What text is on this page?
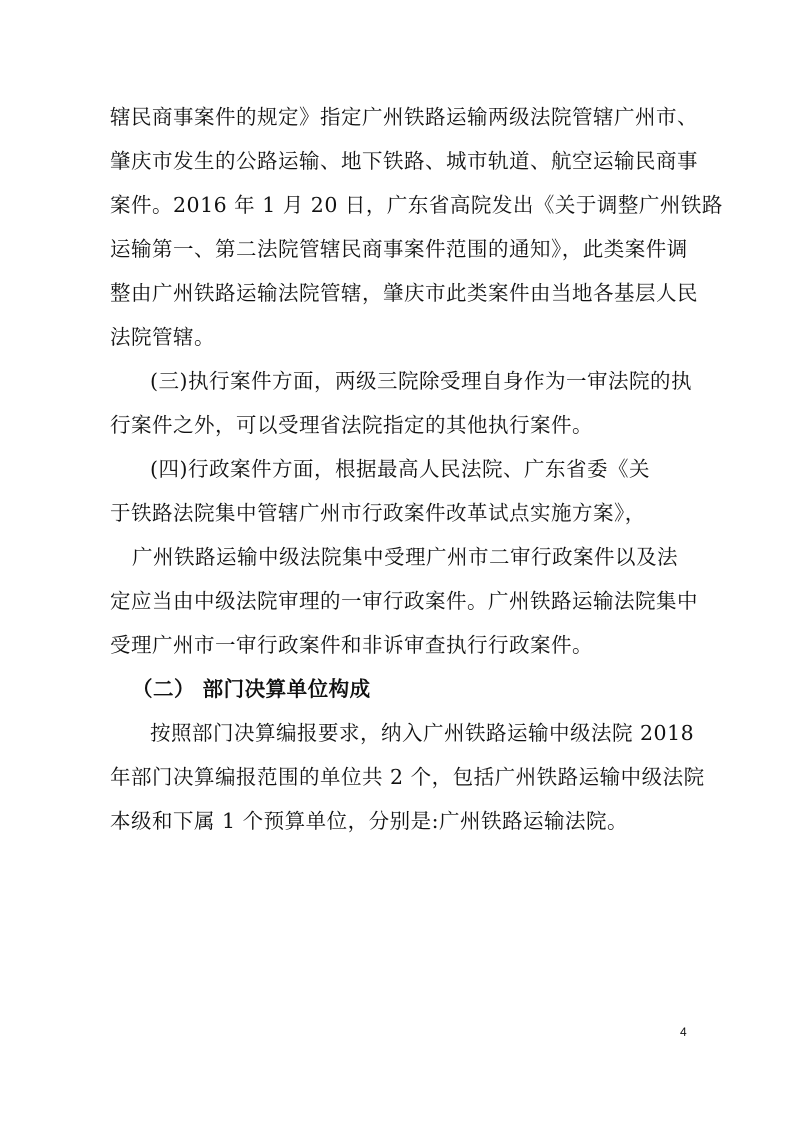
辖民商事案件的规定》指定广州铁路运输两级法院管辖广州市、
肇庆市发生的公路运输、地下铁路、城市轨道、航空运输民商事
案件。2016 年 1 月 20 日，广东省高院发出《关于调整广州铁路
运输第一、第二法院管辖民商事案件范围的通知》，此类案件调
整由广州铁路运输法院管辖，肇庆市此类案件由当地各基层人民
法院管辖。
(三)执行案件方面，两级三院除受理自身作为一审法院的执
行案件之外，可以受理省法院指定的其他执行案件。
(四)行政案件方面，根据最高人民法院、广东省委《关
于铁路法院集中管辖广州市行政案件改革试点实施方案》，
广州铁路运输中级法院集中受理广州市二审行政案件以及法
定应当由中级法院审理的一审行政案件。广州铁路运输法院集中
受理广州市一审行政案件和非诉审查执行行政案件。
（二） 部门决算单位构成
按照部门决算编报要求，纳入广州铁路运输中级法院 2018
年部门决算编报范围的单位共 2 个，包括广州铁路运输中级法院
本级和下属 1 个预算单位，分别是:广州铁路运输法院。
4
